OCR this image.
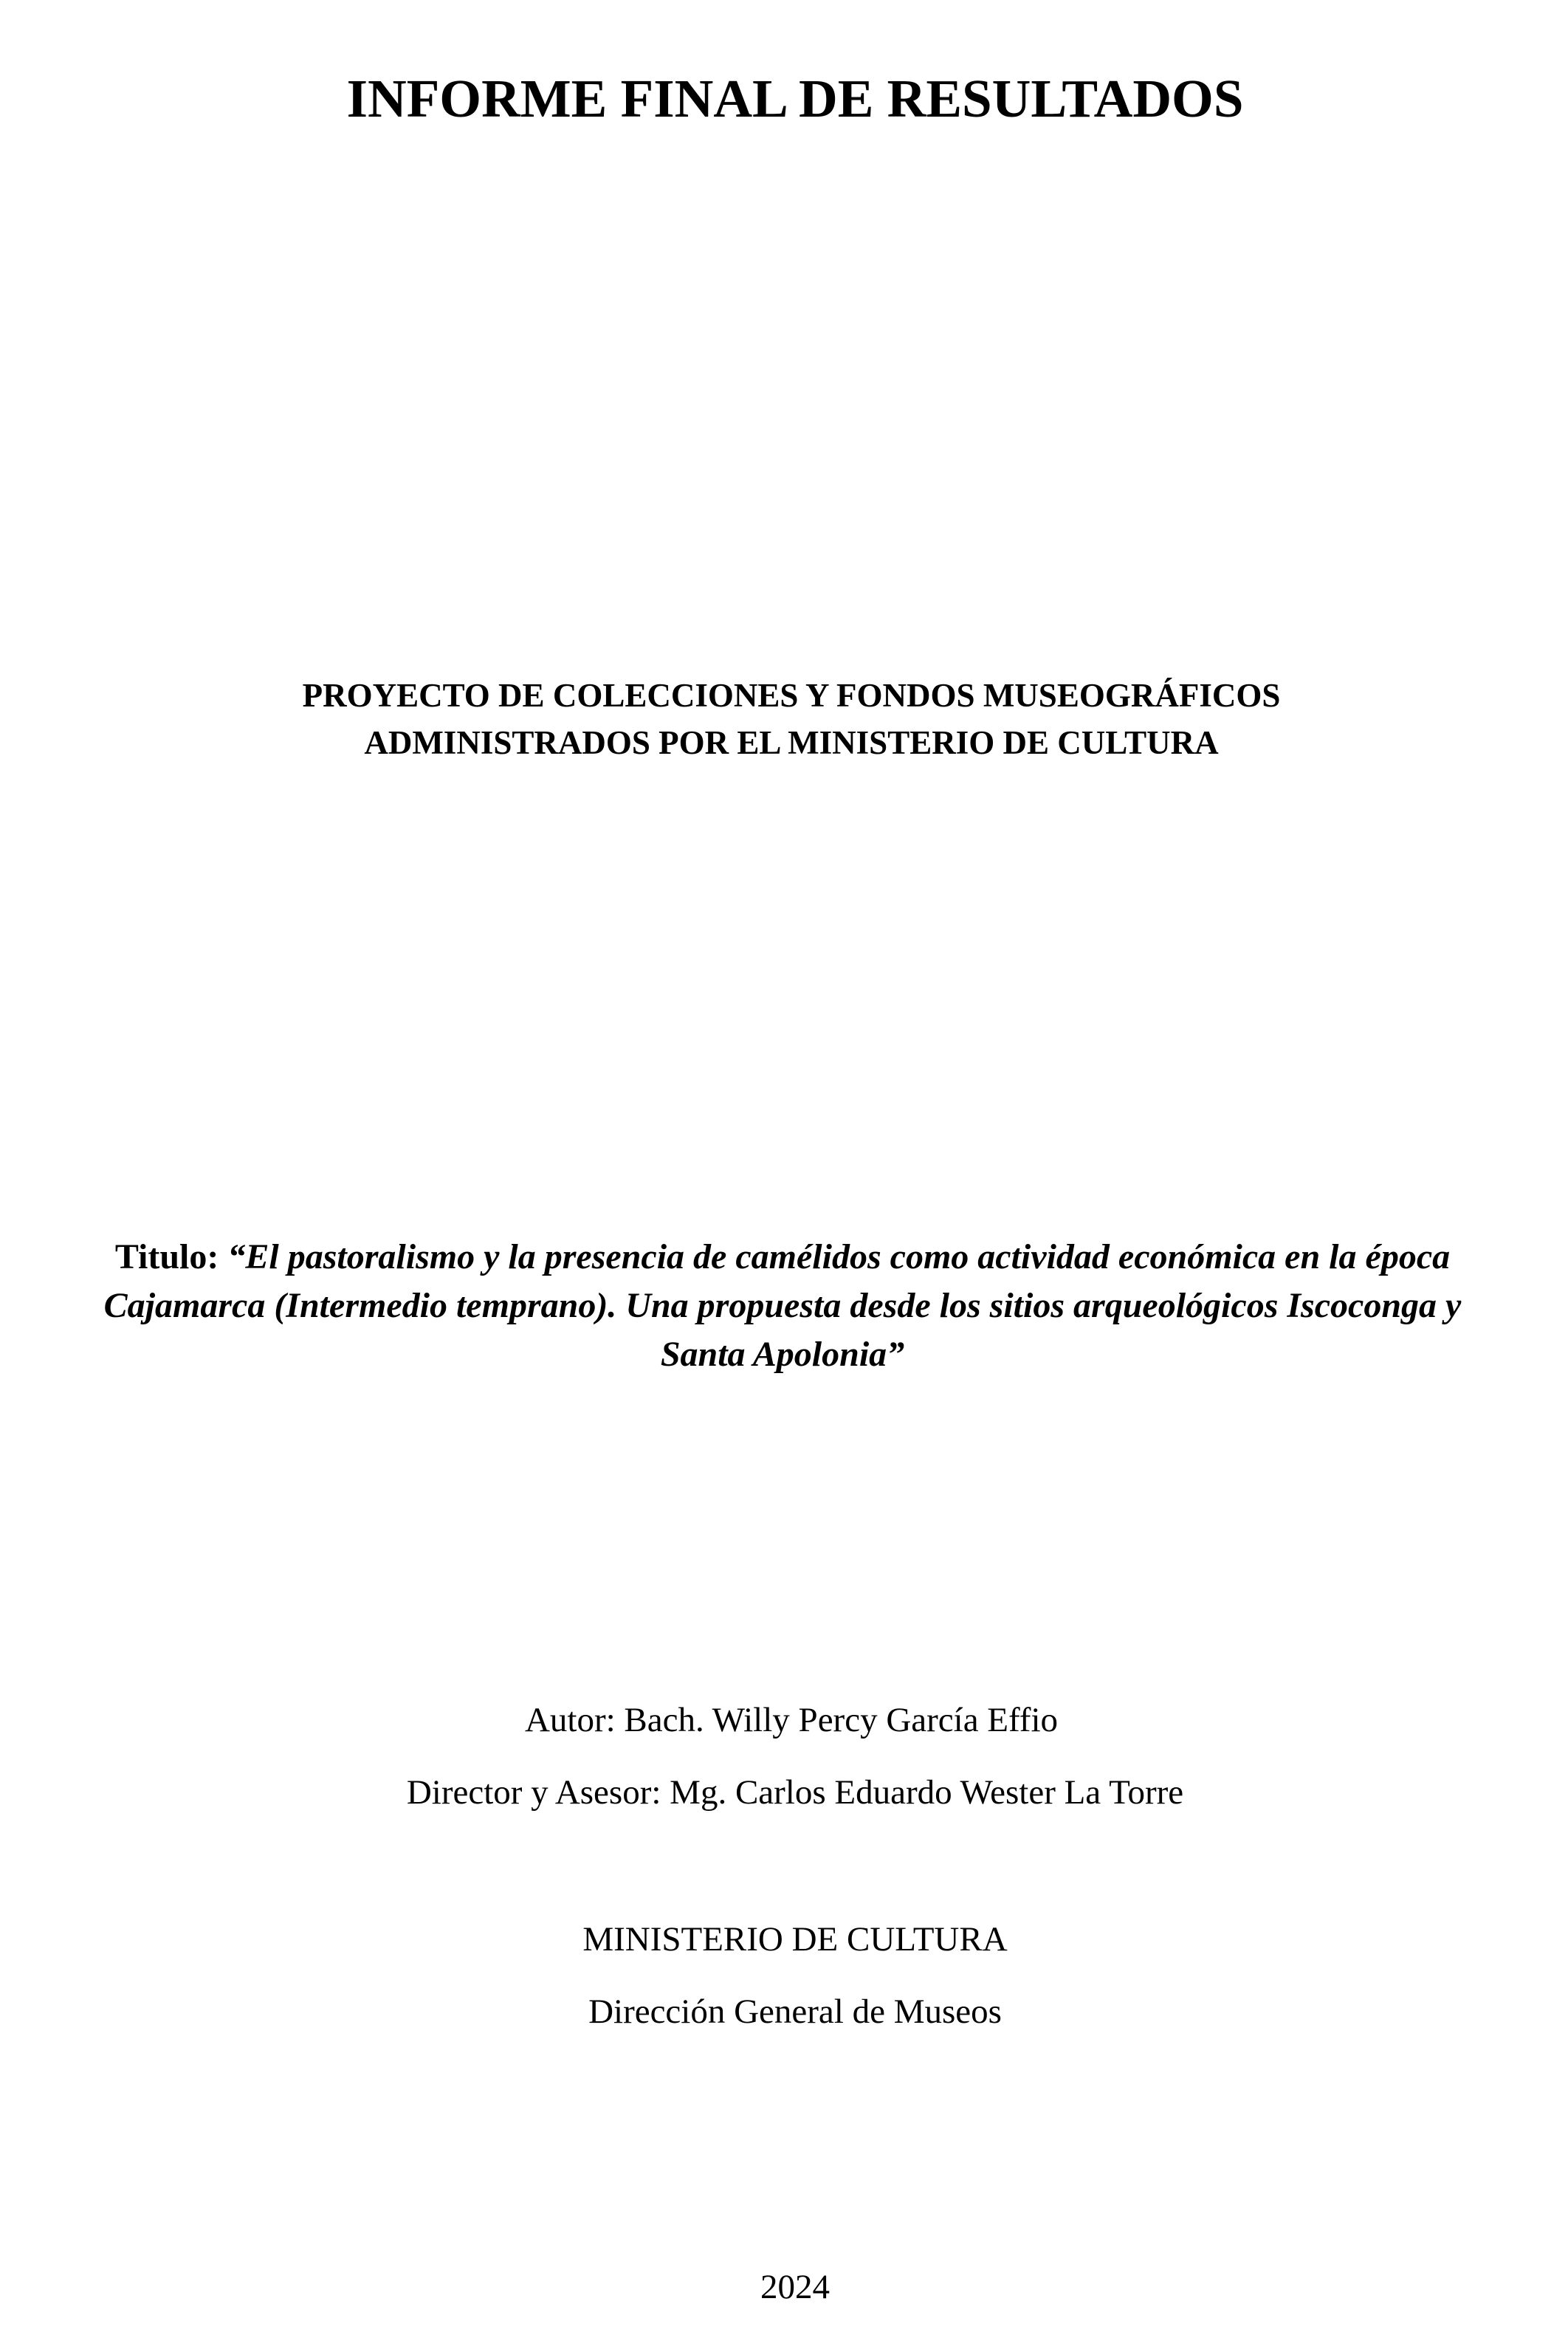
INFORME FINAL DE RESULTADOS
PROYECTO DE COLECCIONES Y FONDOS MUSEOGRÁFICOS
ADMINISTRADOS POR EL MINISTERIO DE CULTURA

Titulo: “El pastoralismo y la presencia de camélidos como actividad económica en la época Cajamarca (Intermedio temprano). Una propuesta desde los sitios arqueológicos Iscoconga y Santa Apolonia”

Autor: Bach. Willy Percy García Effio

Director y Asesor: Mg. Carlos Eduardo Wester La Torre

MINISTERIO DE CULTURA

Dirección General de Museos

2024
